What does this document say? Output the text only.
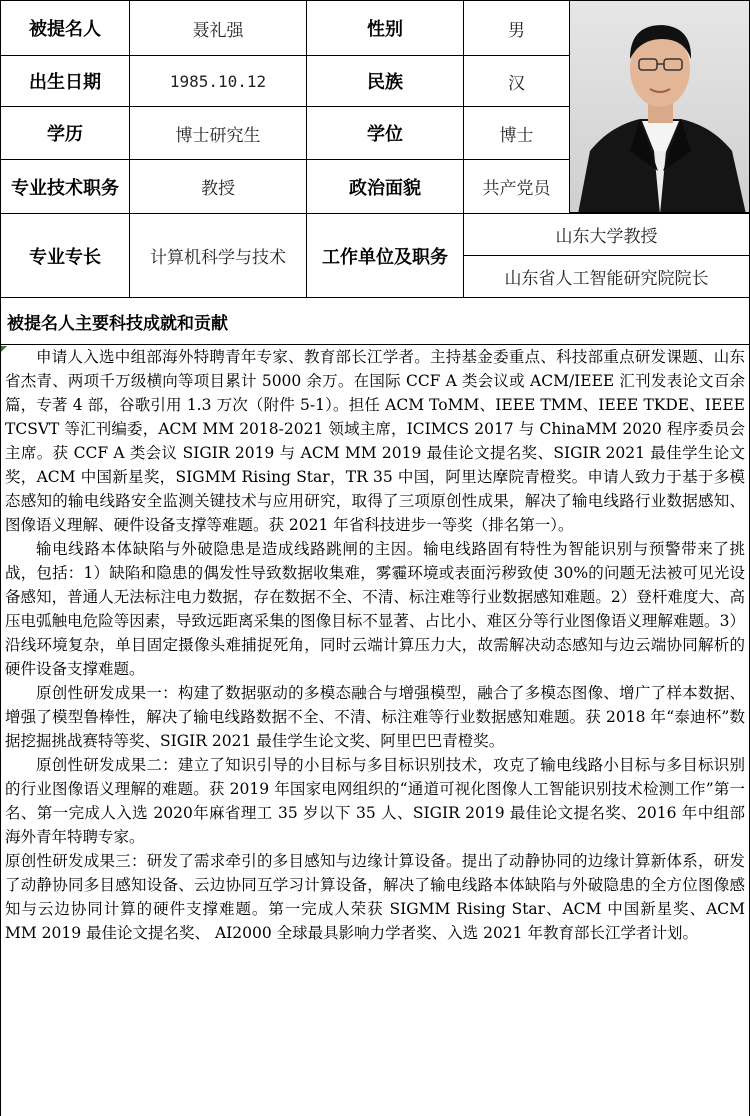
被提名人	聂礼强	性别	男
出生日期	1985.10.12	民族	汉
学历	博士研究生	学位	博士
专业技术职务	教授	政治面貌	共产党员
专业专长	计算机科学与技术	工作单位及职务
山东大学教授
山东省人工智能研究院院长
被提名人主要科技成就和贡献

申请人入选中组部海外特聘青年专家、教育部长江学者。主持基金委重点、科技部重点研发课题、山东省杰青、两项千万级横向等项目累计 5000 余万。在国际 CCF A 类会议或 ACM/IEEE 汇刊发表论文百余篇，专著 4 部，谷歌引用 1.3 万次（附件 5-1）。担任 ACM ToMM、IEEE TMM、IEEE TKDE、IEEE TCSVT 等汇刊编委，ACM MM 2018-2021 领域主席，ICIMCS 2017 与 ChinaMM 2020 程序委员会主席。获 CCF A 类会议 SIGIR 2019 与 ACM MM 2019 最佳论文提名奖、SIGIR 2021 最佳学生论文奖，ACM 中国新星奖，SIGMM Rising Star，TR 35 中国，阿里达摩院青橙奖。申请人致力于基于多模态感知的输电线路安全监测关键技术与应用研究，取得了三项原创性成果，解决了输电线路行业数据感知、图像语义理解、硬件设备支撑等难题。获 2021 年省科技进步一等奖（排名第一）。

输电线路本体缺陷与外破隐患是造成线路跳闸的主因。输电线路固有特性为智能识别与预警带来了挑战，包括：1）缺陷和隐患的偶发性导致数据收集难，雾霾环境或表面污秽致使 30%的问题无法被可见光设备感知，普通人无法标注电力数据，存在数据不全、不清、标注难等行业数据感知难题。2）登杆难度大、高压电弧触电危险等因素，导致远距离采集的图像目标不显著、占比小、难区分等行业图像语义理解难题。3）沿线环境复杂，单目固定摄像头难捕捉死角，同时云端计算压力大，故需解决动态感知与边云端协同解析的硬件设备支撑难题。

原创性研发成果一：构建了数据驱动的多模态融合与增强模型，融合了多模态图像、增广了样本数据、增强了模型鲁棒性，解决了输电线路数据不全、不清、标注难等行业数据感知难题。获 2018 年“泰迪杯”数据挖掘挑战赛特等奖、SIGIR 2021 最佳学生论文奖、阿里巴巴青橙奖。

原创性研发成果二：建立了知识引导的小目标与多目标识别技术，攻克了输电线路小目标与多目标识别的行业图像语义理解的难题。获 2019 年国家电网组织的“通道可视化图像人工智能识别技术检测工作”第一名、第一完成人入选 2020年麻省理工 35 岁以下 35 人、SIGIR 2019 最佳论文提名奖、2016 年中组部海外青年特聘专家。

原创性研发成果三：研发了需求牵引的多目感知与边缘计算设备。提出了动静协同的边缘计算新体系，研发了动静协同多目感知设备、云边协同互学习计算设备，解决了输电线路本体缺陷与外破隐患的全方位图像感知与云边协同计算的硬件支撑难题。第一完成人荣获 SIGMM Rising Star、ACM 中国新星奖、ACM MM 2019 最佳论文提名奖、 AI2000 全球最具影响力学者奖、入选 2021 年教育部长江学者计划。
